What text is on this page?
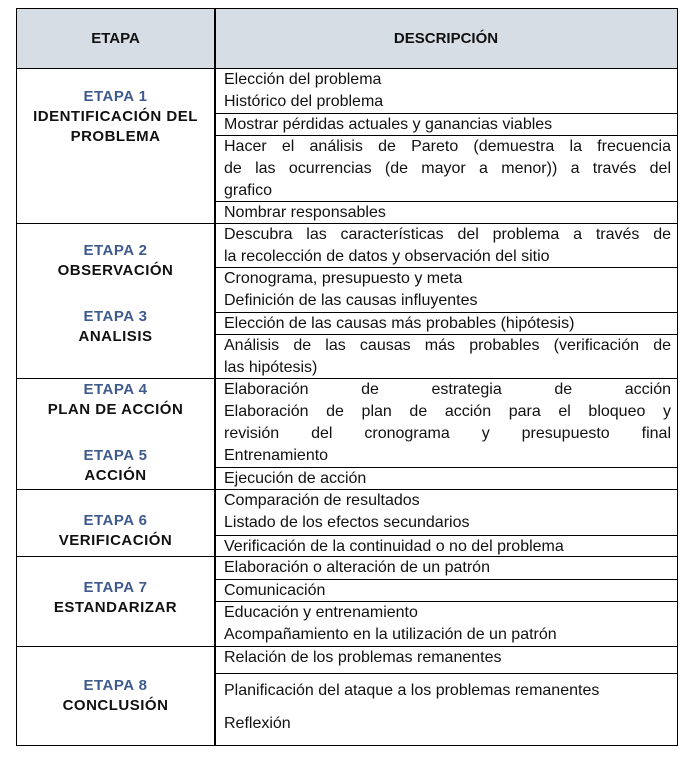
ETAPA	DESCRIPCIÓN
ETAPA 1
IDENTIFICACIÓN DEL
PROBLEMA
Elección del problema
Histórico del problema
Mostrar pérdidas actuales y ganancias viables
Hacer el análisis de Pareto (demuestra la frecuencia
de las ocurrencias (de mayor a menor)) a través del
grafico
Nombrar responsables
ETAPA 2
OBSERVACIÓN
ETAPA 3
ANALISIS
Descubra las características del problema a través de
la recolección de datos y observación del sitio
Cronograma, presupuesto y meta
Definición de las causas influyentes
Elección de las causas más probables (hipótesis)
Análisis de las causas más probables (verificación de
las hipótesis)
ETAPA 4
PLAN DE ACCIÓN
ETAPA 5
ACCIÓN
Elaboración de estrategia de acción
Elaboración de plan de acción para el bloqueo y
revisión del cronograma y presupuesto final
Entrenamiento
Ejecución de acción
ETAPA 6
VERIFICACIÓN
Comparación de resultados
Listado de los efectos secundarios
Verificación de la continuidad o no del problema
ETAPA 7
ESTANDARIZAR
Elaboración o alteración de un patrón
Comunicación
Educación y entrenamiento
Acompañamiento en la utilización de un patrón
ETAPA 8
CONCLUSIÓN
Relación de los problemas remanentes
Planificación del ataque a los problemas remanentes
Reflexión
